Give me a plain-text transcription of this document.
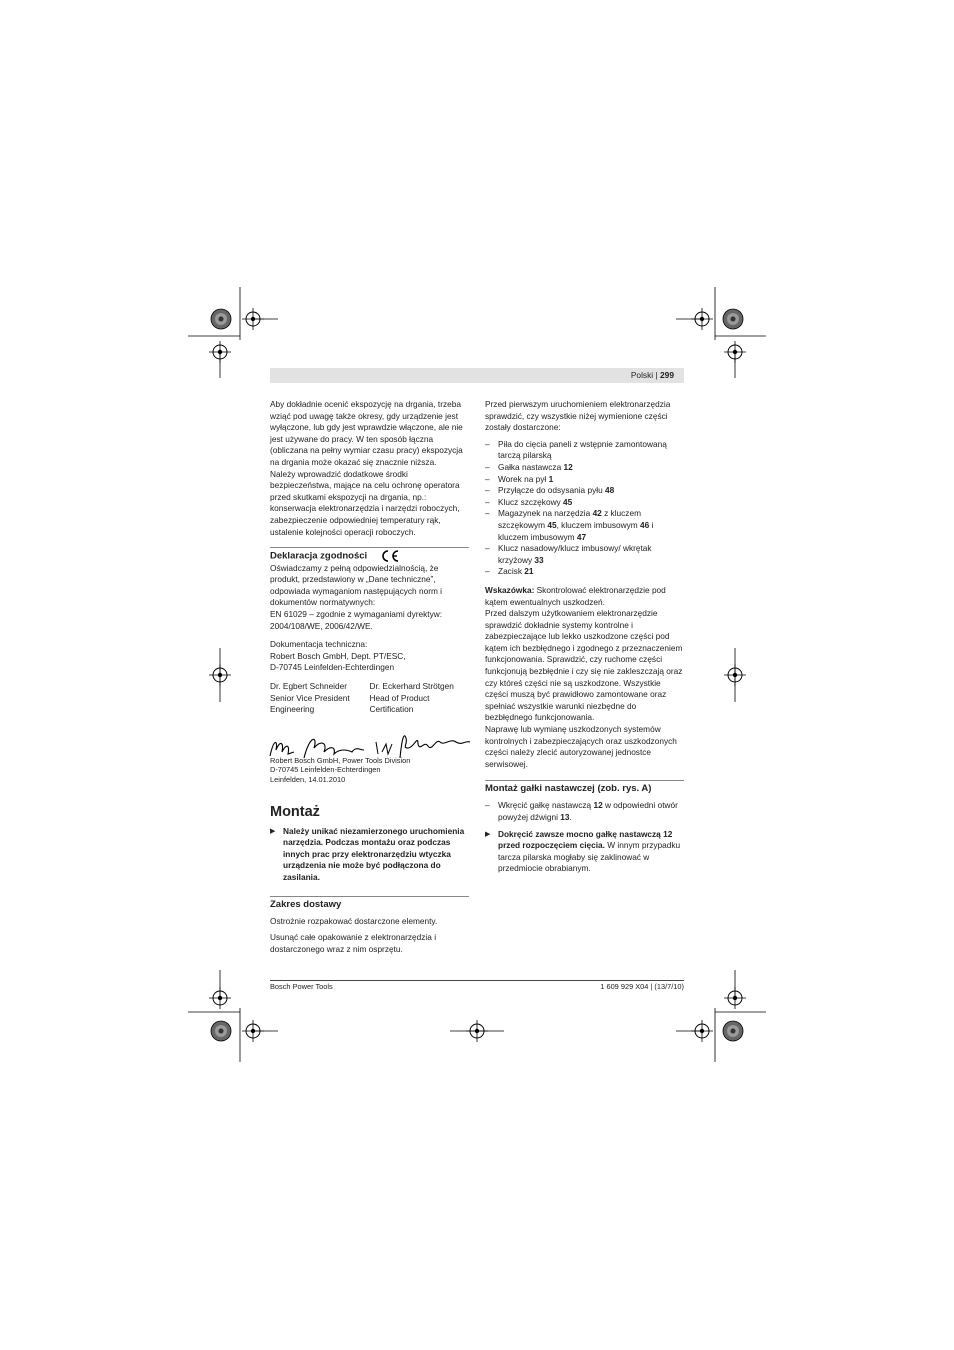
Polski | 299

Aby dokładnie ocenić ekspozycję na drgania, trzeba wziąć pod uwagę także okresy, gdy urządzenie jest wyłączone, lub gdy jest wprawdzie włączone, ale nie jest używane do pracy. W ten sposób łączna (obliczana na pełny wymiar czasu pracy) ekspozycja na drgania może okazać się znacznie niższa.

Należy wprowadzić dodatkowe środki bezpieczeństwa, mające na celu ochronę operatora przed skutkami ekspozycji na drgania, np.: konserwacja elektronarzędzia i narzędzi roboczych, zabezpieczenie odpowiedniej temperatury rąk, ustalenie kolejności operacji roboczych.

Deklaracja zgodności

Oświadczamy z pełną odpowiedzialnością, że produkt, przedstawiony w „Dane techniczne”, odpowiada wymaganiom następujących norm i dokumentów normatywnych:

EN 61029 – zgodnie z wymaganiami dyrektyw: 2004/108/WE, 2006/42/WE.

Dokumentacja techniczna:

Robert Bosch GmbH, Dept. PT/ESC,

D-70745 Leinfelden-Echterdingen

Dr. Egbert Schneider

Senior Vice President

Engineering

Dr. Eckerhard Strötgen

Head of Product

Certification

Robert Bosch GmbH, Power Tools Division

D-70745 Leinfelden-Echterdingen

Leinfelden, 14.01.2010

Montaż
▶ Należy unikać niezamierzonego uruchomienia narzędzia. Podczas montażu oraz podczas innych prac przy elektronarzędziu wtyczka urządzenia nie może być podłączona do zasilania.
Zakres dostawy

Ostrożnie rozpakować dostarczone elementy.

Usunąć całe opakowanie z elektronarzędzia i dostarczonego wraz z nim osprzętu.

Przed pierwszym uruchomieniem elektronarzędzia sprawdzić, czy wszystkie niżej wymienione części zostały dostarczone:

– Piła do cięcia paneli z wstępnie zamontowaną tarczą pilarską
– Gałka nastawcza 12
– Worek na pył 1
– Przyłącze do odsysania pyłu 48
– Klucz szczękowy 45
– Magazynek na narzędzia 42 z kluczem szczękowym 45, kluczem imbusowym 46 i kluczem imbusowym 47
– Klucz nasadowy/klucz imbusowy/ wkrętak krzyżowy 33
– Zacisk 21

Wskazówka: Skontrolować elektronarzędzie pod kątem ewentualnych uszkodzeń.

Przed dalszym użytkowaniem elektronarzędzie sprawdzić dokładnie systemy kontrolne i zabezpieczające lub lekko uszkodzone części pod kątem ich bezbłędnego i zgodnego z przeznaczeniem funkcjonowania. Sprawdzić, czy ruchome części funkcjonują bezbłędnie i czy się nie zakleszczają oraz czy któreś części nie są uszkodzone. Wszystkie części muszą być prawidłowo zamontowane oraz spełniać wszystkie warunki niezbędne do bezbłędnego funkcjonowania.

Naprawę lub wymianę uszkodzonych systemów kontrolnych i zabezpieczających oraz uszkodzonych części należy zlecić autoryzowanej jednostce serwisowej.

Montaż gałki nastawczej (zob. rys. A)
– Wkręcić gałkę nastawczą 12 w odpowiedni otwór powyżej dźwigni 13.
▶ Dokręcić zawsze mocno gałkę nastawczą 12 przed rozpoczęciem cięcia. W innym przypadku tarcza pilarska mogłaby się zaklinować w przedmiocie obrabianym.
Bosch Power Tools	1 609 929 X04 | (13/7/10)
